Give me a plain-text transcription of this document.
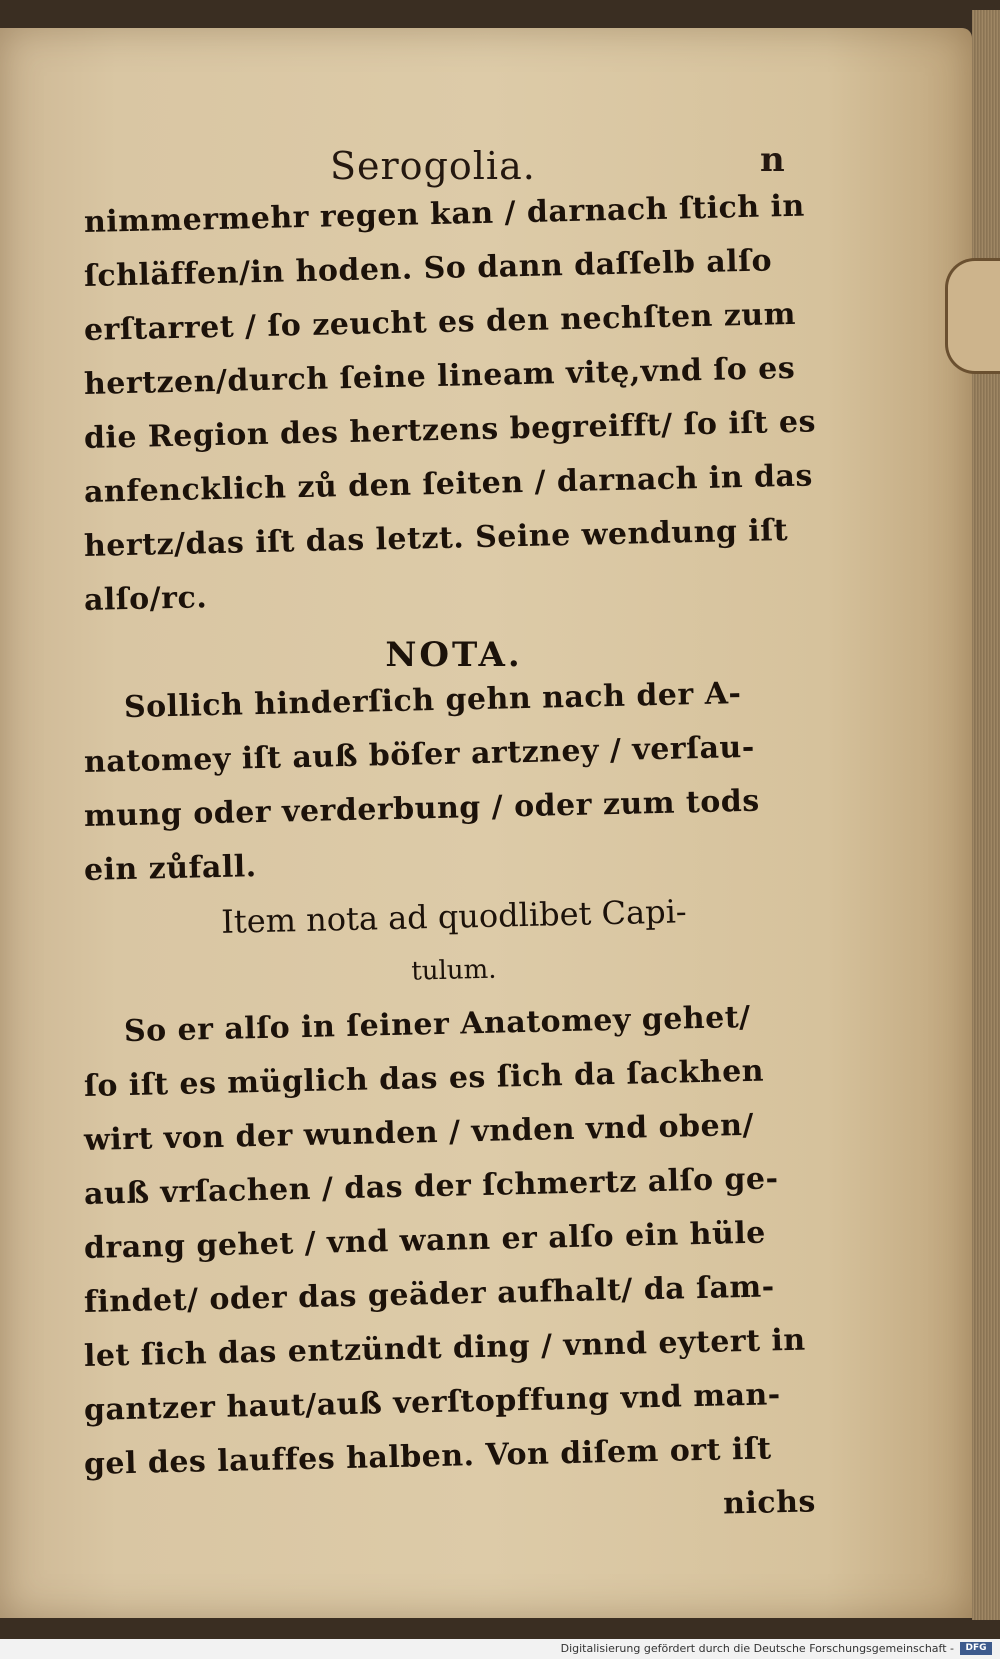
Serogolia.	n
nimmermehr regen kan / darnach ſtich in
ſchläffen/in hoden. So dann daſſelb alſo
erſtarret / ſo zeucht es den nechſten zum
hertzen/durch ſeine lineam vitę,vnd ſo es
die Region des hertzens begreifft/ ſo iſt es
anfencklich zů den ſeiten / darnach in das
hertz/das iſt das letzt. Seine wendung iſt
alſo/rc.
NOTA.
Sollich hinderſich gehn nach der A-
natomey iſt auß böſer artzney / verſau-
mung oder verderbung / oder zum tods
ein zůfall.
Item nota ad quodlibet Capi-
tulum.
So er alſo in ſeiner Anatomey gehet/
ſo iſt es müglich das es ſich da ſackhen
wirt von der wunden / vnden vnd oben/
auß vrſachen / das der ſchmertz alſo ge-
drang gehet / vnd wann er alſo ein hüle
findet/ oder das geäder aufhalt/ da ſam-
let ſich das entzündt ding / vnnd eytert in
gantzer haut/auß verſtopffung vnd man-
gel des lauffes halben. Von diſem ort iſt
nichs
Digitalisierung gefördert durch die Deutsche Forschungsgemeinschaft -	DFG
